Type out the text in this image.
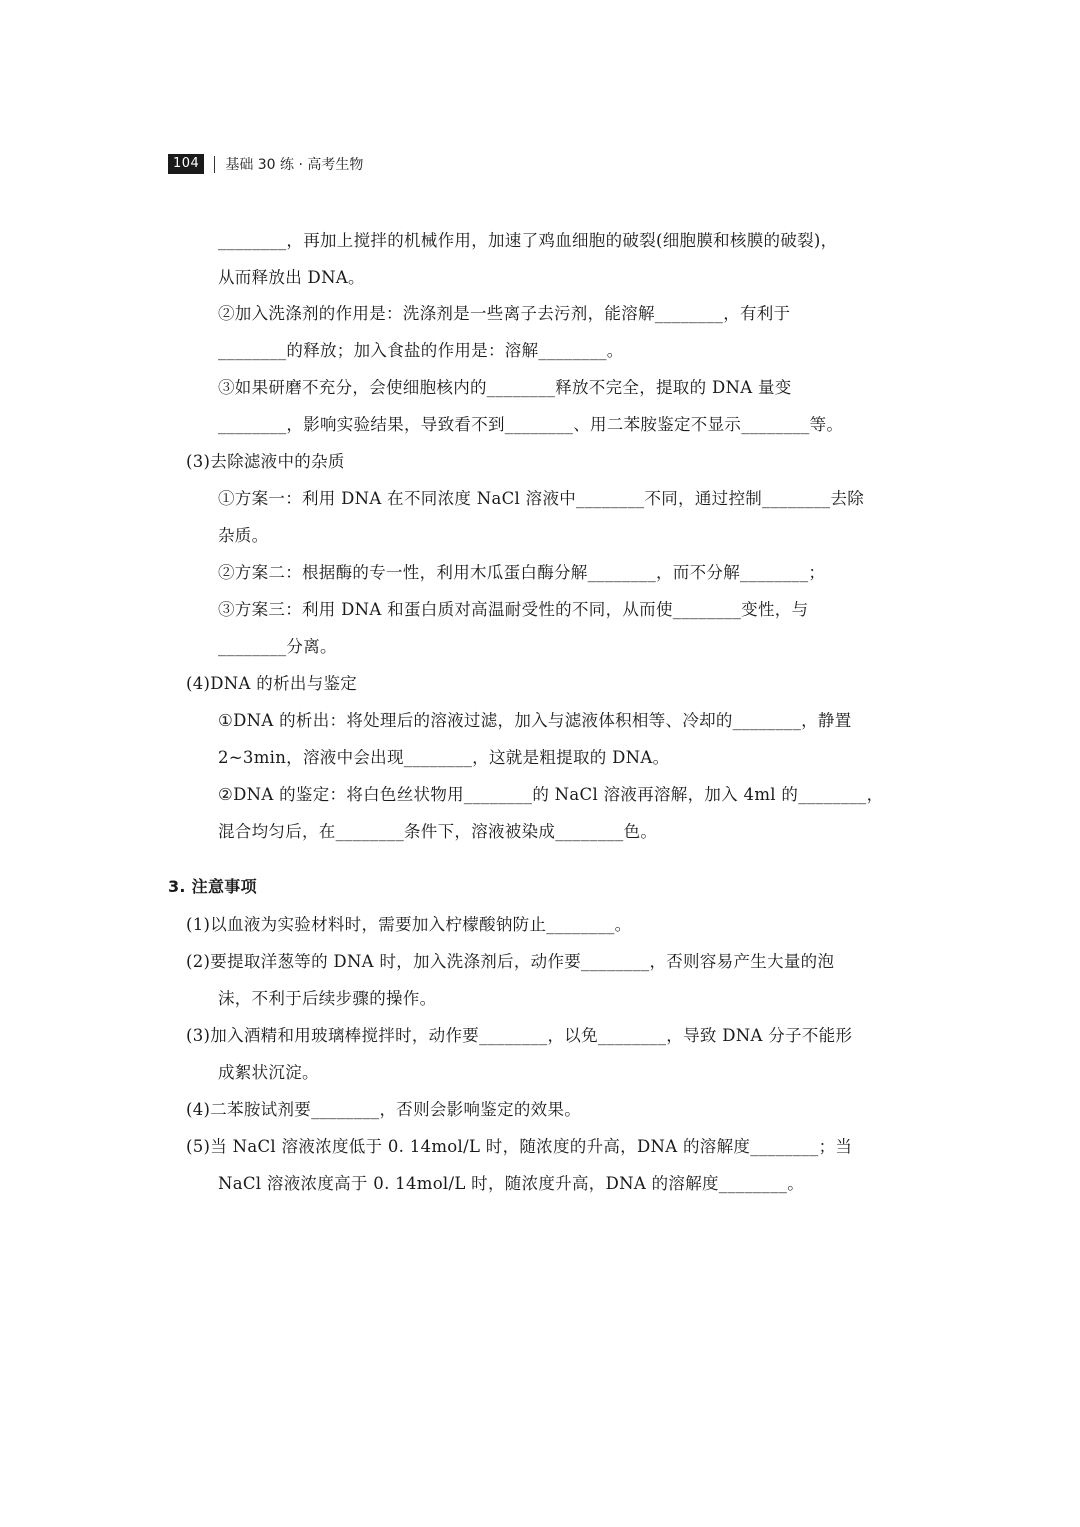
104	基础 30 练 · 高考生物
________，再加上搅拌的机械作用，加速了鸡血细胞的破裂(细胞膜和核膜的破裂)，
从而释放出 DNA。
②加入洗涤剂的作用是：洗涤剂是一些离子去污剂，能溶解________，有利于
________的释放；加入食盐的作用是：溶解________。
③如果研磨不充分，会使细胞核内的________释放不完全，提取的 DNA 量变
________，影响实验结果，导致看不到________、用二苯胺鉴定不显示________等。
(3)去除滤液中的杂质
①方案一：利用 DNA 在不同浓度 NaCl 溶液中________不同，通过控制________去除
杂质。
②方案二：根据酶的专一性，利用木瓜蛋白酶分解________，而不分解________；
③方案三：利用 DNA 和蛋白质对高温耐受性的不同，从而使________变性，与
________分离。
(4)DNA 的析出与鉴定
①DNA 的析出：将处理后的溶液过滤，加入与滤液体积相等、冷却的________，静置
2~3min，溶液中会出现________，这就是粗提取的 DNA。
②DNA 的鉴定：将白色丝状物用________的 NaCl 溶液再溶解，加入 4ml 的________，
混合均匀后，在________条件下，溶液被染成________色。
3. 注意事项
(1)以血液为实验材料时，需要加入柠檬酸钠防止________。
(2)要提取洋葱等的 DNA 时，加入洗涤剂后，动作要________，否则容易产生大量的泡
沫，不利于后续步骤的操作。
(3)加入酒精和用玻璃棒搅拌时，动作要________，以免________，导致 DNA 分子不能形
成絮状沉淀。
(4)二苯胺试剂要________，否则会影响鉴定的效果。
(5)当 NaCl 溶液浓度低于 0. 14mol/L 时，随浓度的升高，DNA 的溶解度________；当
NaCl 溶液浓度高于 0. 14mol/L 时，随浓度升高，DNA 的溶解度________。
